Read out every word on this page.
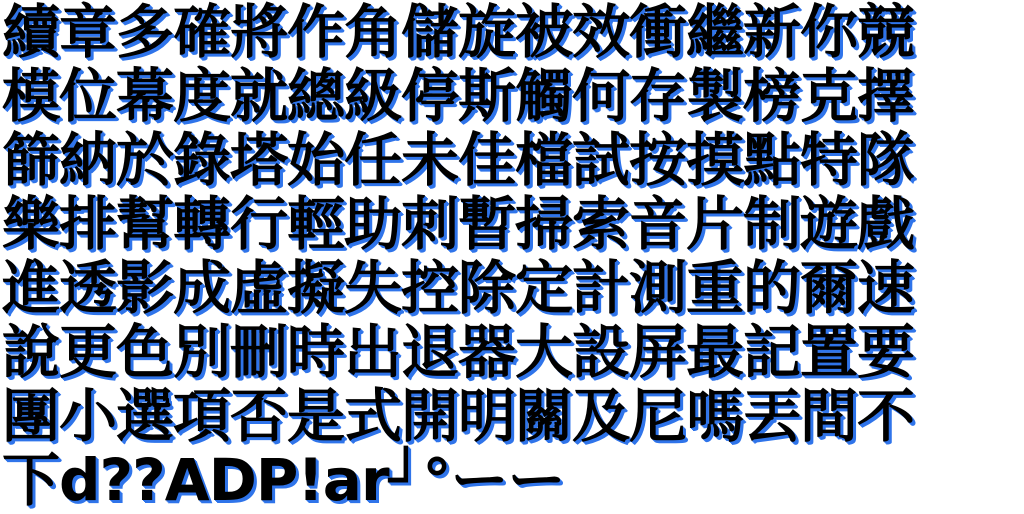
續章多確將作角儲旋被效衝繼新你競
模位幕度就總級停斯觸何存製榜克擇
篩納於錄塔始任未佳檔試按摸點特隊
樂排幫轉行輕助刺暫掃索音片制遊戲
進透影成虛擬失控除定計測重的爾速
說更色別刪時出退器大設屏最記置要
團小選項否是式開明關及尼嗎丟間不
下d??ADP!ar┘°ーー
